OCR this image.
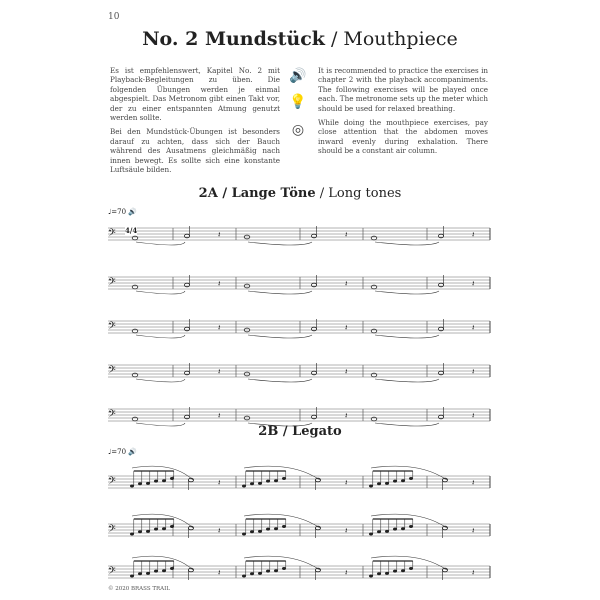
10
No. 2 Mundstück / Mouthpiece

Es ist empfehlenswert, Kapitel No. 2 mit Playback-Begleitungen zu üben. Die folgenden Übungen werden je einmal abgespielt. Das Metronom gibt einen Takt vor, der zu einer entspannten Atmung genutzt werden sollte.

Bei den Mundstück-Übungen ist besonders darauf zu achten, dass sich der Bauch während des Ausatmens gleichmäßig nach innen bewegt. Es sollte sich eine konstante Luftsäule bilden.

It is recommended to practice the exercises in chapter 2 with the playback accompaniments. The following exercises will be played once each. The metronome sets up the meter which should be used for relaxed breathing.

While doing the mouthpiece exercises, pay close attention that the abdomen moves inward evenly during exhalation. There should be a constant air column.

🔊
💡
◎
2A / Lange Töne / Long tones
2B / Legato
♩=70 🔊
♩=70 🔊
𝄢	𝄽	𝄽	𝄽
𝄢	𝄽	𝄽	𝄽
𝄢	𝄽	𝄽	𝄽
𝄢	𝄽	𝄽	𝄽
𝄢	𝄽	𝄽	𝄽
𝄢	𝄽	𝄽	𝄽
𝄢	𝄽	𝄽	𝄽
𝄢	𝄽	𝄽	𝄽
4/4
© 2020 BRASS TRAIL
